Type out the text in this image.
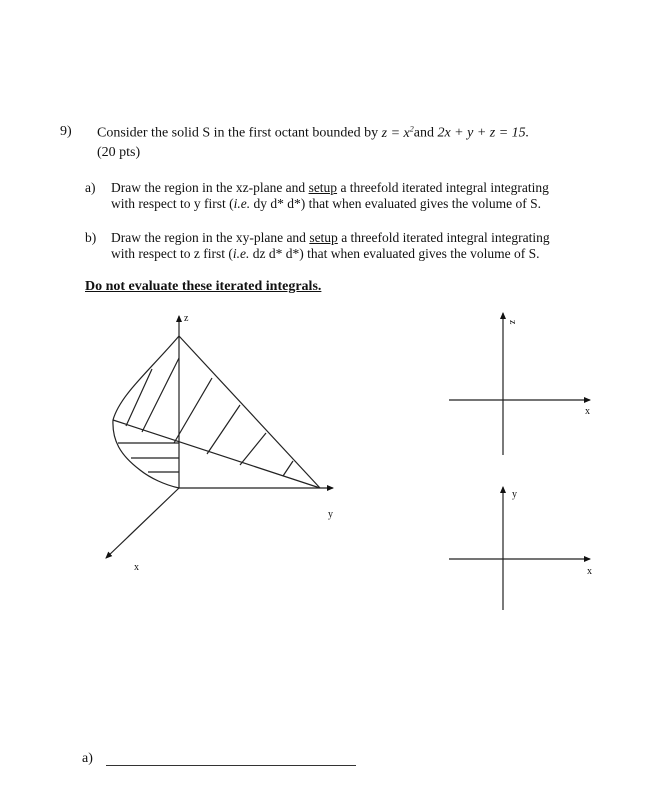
9) Consider the solid S in the first octant bounded by $z = x^2and$ 2x + y + z = 15.
(20 pts)
a) Draw the region in the xz-plane and setup a threefold iterated integral integrating
with respect to y first (i.e. dy d* d*) that when evaluated gives the volume of S.
b) Draw the region in the xy-plane and setup a threefold iterated integral integrating
with respect to z first (i.e. dz d* d*) that when evaluated gives the volume of S.
Do not evaluate these iterated integrals.
z
y
x
z
x
y
x
a)
